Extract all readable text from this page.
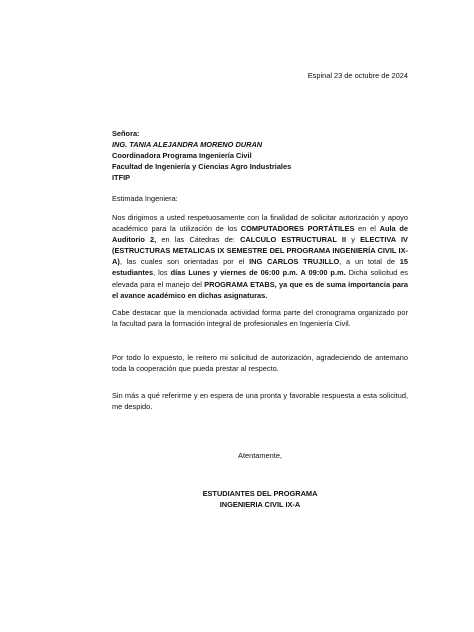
Espinal 23 de octubre de 2024
Señora:
ING. TANIA ALEJANDRA MORENO DURAN
Coordinadora Programa Ingeniería Civil
Facultad de Ingeniería y Ciencias Agro Industriales
ITFIP
Estimada Ingeniera:
Nos dirigimos a usted respetuosamente con la finalidad de solicitar autorización y apoyo académico para la utilización de los COMPUTADORES PORTÁTILES en el Aula de Auditorio 2, en las Cátedras de: CALCULO ESTRUCTURAL II y ELECTIVA IV (ESTRUCTURAS METALICAS IX SEMESTRE DEL PROGRAMA INGENIERÍA CIVIL IX-A), las cuales son orientadas por el ING CARLOS TRUJILLO, a un total de 15 estudiantes, los días Lunes y viernes de 06:00 p.m. A 09:00 p.m. Dicha solicitud es elevada para el manejo del PROGRAMA ETABS, ya que es de suma importancia para el avance académico en dichas asignaturas.
Cabe destacar que la mencionada actividad forma parte del cronograma organizado por la facultad para la formación integral de profesionales en Ingeniería Civil.
Por todo lo expuesto, le reitero mi solicitud de autorización, agradeciendo de antemano toda la cooperación que pueda prestar al respecto.
Sin más a qué referirme y en espera de una pronta y favorable respuesta a esta solicitud, me despido.
Atentamente,
ESTUDIANTES DEL PROGRAMA
INGENIERIA CIVIL IX-A
